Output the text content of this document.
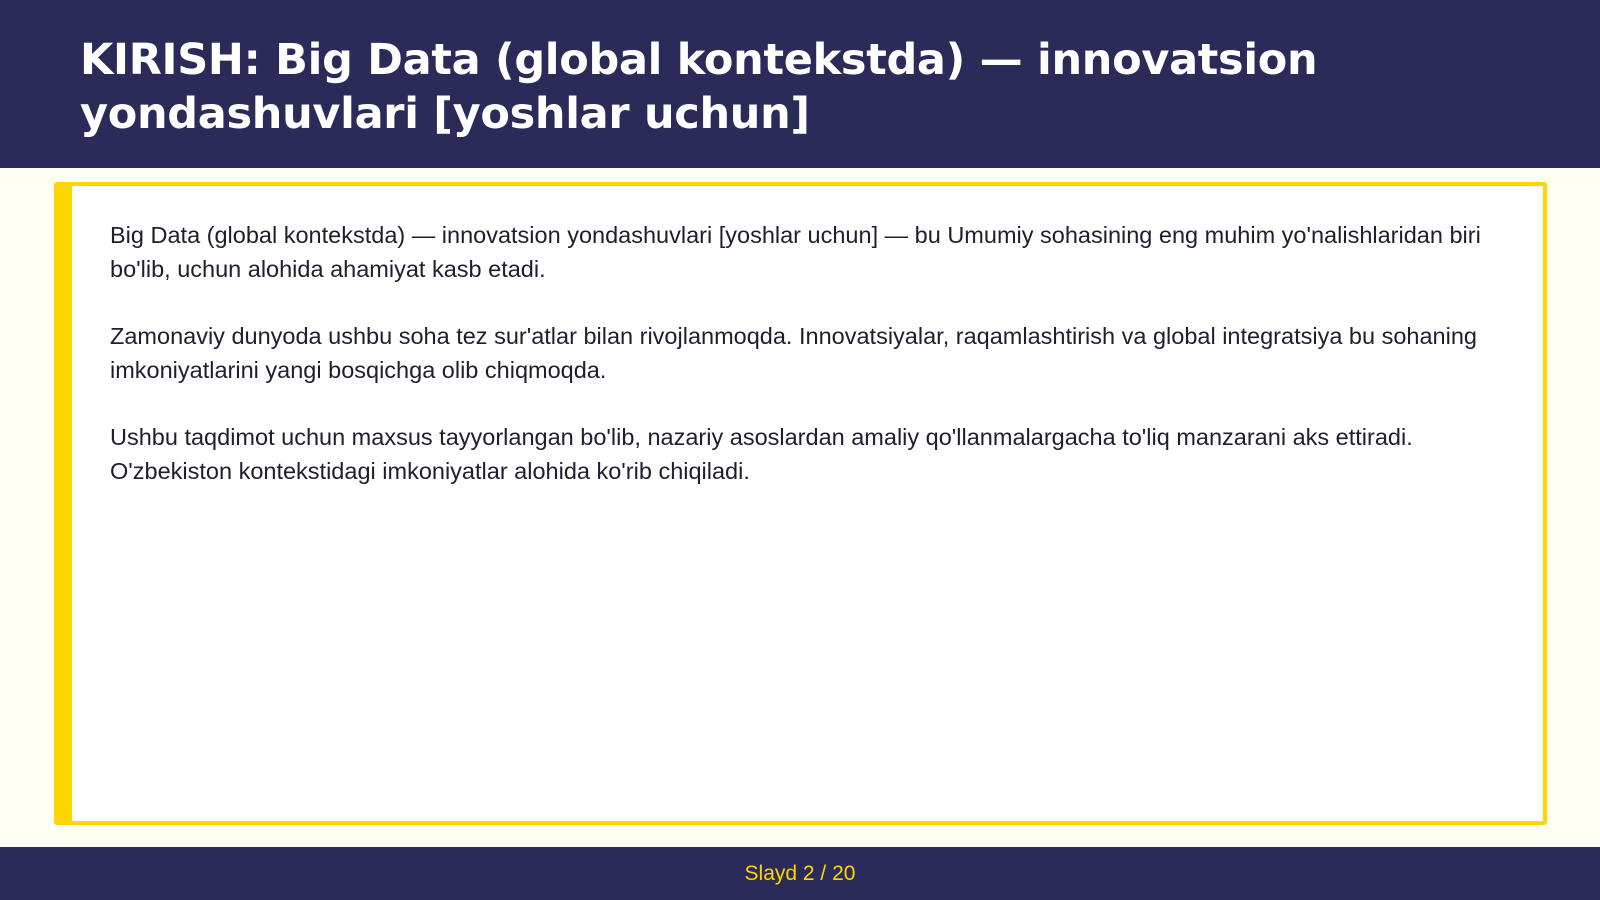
KIRISH: Big Data (global kontekstda) — innovatsion yondashuvlari [yoshlar uchun]

Big Data (global kontekstda) — innovatsion yondashuvlari [yoshlar uchun] — bu Umumiy sohasining eng muhim yo'nalishlaridan biri bo'lib, uchun alohida ahamiyat kasb etadi.

Zamonaviy dunyoda ushbu soha tez sur'atlar bilan rivojlanmoqda. Innovatsiyalar, raqamlashtirish va global integratsiya bu sohaning imkoniyatlarini yangi bosqichga olib chiqmoqda.

Ushbu taqdimot uchun maxsus tayyorlangan bo'lib, nazariy asoslardan amaliy qo'llanmalargacha to'liq manzarani aks ettiradi. O'zbekiston kontekstidagi imkoniyatlar alohida ko'rib chiqiladi.

Slayd 2 / 20
